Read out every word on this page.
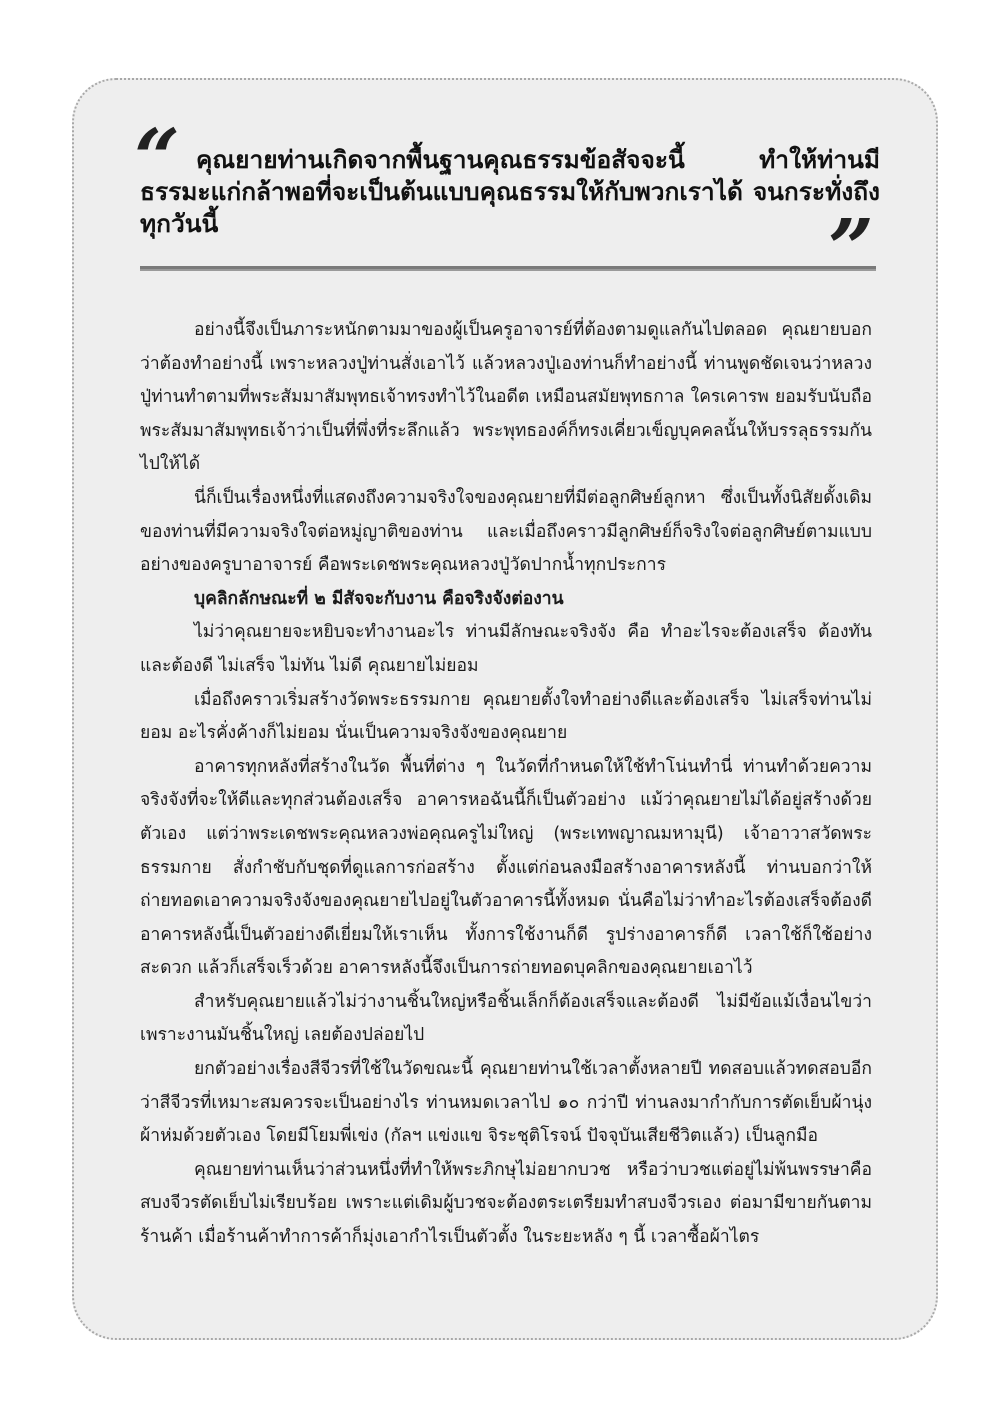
“ คุณยายท่านเกิดจากพื้นฐานคุณธรรมข้อสัจจะนี้ ทำให้ท่านมีธรรมะแก่กล้าพอที่จะเป็นต้นแบบคุณธรรมให้กับพวกเราได้ จนกระทั่งถึงทุกวันนี้	”

อย่างนี้จึงเป็นภาระหนักตามมาของผู้เป็นครูอาจารย์ที่ต้องตามดูแลกันไปตลอด คุณยายบอกว่าต้องทำอย่างนี้ เพราะหลวงปู่ท่านสั่งเอาไว้ แล้วหลวงปู่เองท่านก็ทำอย่างนี้ ท่านพูดชัดเจนว่าหลวงปู่ท่านทำตามที่พระสัมมาสัมพุทธเจ้าทรงทำไว้ในอดีต เหมือนสมัยพุทธกาล ใครเคารพ ยอมรับนับถือพระสัมมาสัมพุทธเจ้าว่าเป็นที่พึ่งที่ระลึกแล้ว พระพุทธองค์ก็ทรงเคี่ยวเข็ญบุคคลนั้นให้บรรลุธรรมกันไปให้ได้

นี่ก็เป็นเรื่องหนึ่งที่แสดงถึงความจริงใจของคุณยายที่มีต่อลูกศิษย์ลูกหา ซึ่งเป็นทั้งนิสัยดั้งเดิมของท่านที่มีความจริงใจต่อหมู่ญาติของท่าน และเมื่อถึงคราวมีลูกศิษย์ก็จริงใจต่อลูกศิษย์ตามแบบอย่างของครูบาอาจารย์ คือพระเดชพระคุณหลวงปู่วัดปากน้ำทุกประการ

บุคลิกลักษณะที่ ๒ มีสัจจะกับงาน คือจริงจังต่องาน

ไม่ว่าคุณยายจะหยิบจะทำงานอะไร ท่านมีลักษณะจริงจัง คือ ทำอะไรจะต้องเสร็จ ต้องทันและต้องดี ไม่เสร็จ ไม่ทัน ไม่ดี คุณยายไม่ยอม

เมื่อถึงคราวเริ่มสร้างวัดพระธรรมกาย คุณยายตั้งใจทำอย่างดีและต้องเสร็จ ไม่เสร็จท่านไม่ยอม อะไรคั่งค้างก็ไม่ยอม นั่นเป็นความจริงจังของคุณยาย

อาคารทุกหลังที่สร้างในวัด พื้นที่ต่าง ๆ ในวัดที่กำหนดให้ใช้ทำโน่นทำนี่ ท่านทำด้วยความจริงจังที่จะให้ดีและทุกส่วนต้องเสร็จ อาคารหอฉันนี้ก็เป็นตัวอย่าง แม้ว่าคุณยายไม่ได้อยู่สร้างด้วยตัวเอง แต่ว่าพระเดชพระคุณหลวงพ่อคุณครูไม่ใหญ่ (พระเทพญาณมหามุนี) เจ้าอาวาสวัดพระธรรมกาย สั่งกำชับกับชุดที่ดูแลการก่อสร้าง ตั้งแต่ก่อนลงมือสร้างอาคารหลังนี้ ท่านบอกว่าให้ถ่ายทอดเอาความจริงจังของคุณยายไปอยู่ในตัวอาคารนี้ทั้งหมด นั่นคือไม่ว่าทำอะไรต้องเสร็จต้องดี อาคารหลังนี้เป็นตัวอย่างดีเยี่ยมให้เราเห็น ทั้งการใช้งานก็ดี รูปร่างอาคารก็ดี เวลาใช้ก็ใช้อย่างสะดวก แล้วก็เสร็จเร็วด้วย อาคารหลังนี้จึงเป็นการถ่ายทอดบุคลิกของคุณยายเอาไว้

สำหรับคุณยายแล้วไม่ว่างานชิ้นใหญ่หรือชิ้นเล็กก็ต้องเสร็จและต้องดี ไม่มีข้อแม้เงื่อนไขว่าเพราะงานมันชิ้นใหญ่ เลยต้องปล่อยไป

ยกตัวอย่างเรื่องสีจีวรที่ใช้ในวัดขณะนี้ คุณยายท่านใช้เวลาตั้งหลายปี ทดสอบแล้วทดสอบอีกว่าสีจีวรที่เหมาะสมควรจะเป็นอย่างไร ท่านหมดเวลาไป ๑๐ กว่าปี ท่านลงมากำกับการตัดเย็บผ้านุ่งผ้าห่มด้วยตัวเอง โดยมีโยมพี่เข่ง (กัลฯ แข่งแข จิระชุติโรจน์ ปัจจุบันเสียชีวิตแล้ว) เป็นลูกมือ

คุณยายท่านเห็นว่าส่วนหนึ่งที่ทำให้พระภิกษุไม่อยากบวช หรือว่าบวชแต่อยู่ไม่พ้นพรรษาคือสบงจีวรตัดเย็บไม่เรียบร้อย เพราะแต่เดิมผู้บวชจะต้องตระเตรียมทำสบงจีวรเอง ต่อมามีขายกันตามร้านค้า เมื่อร้านค้าทำการค้าก็มุ่งเอากำไรเป็นตัวตั้ง ในระยะหลัง ๆ นี้ เวลาซื้อผ้าไตร
